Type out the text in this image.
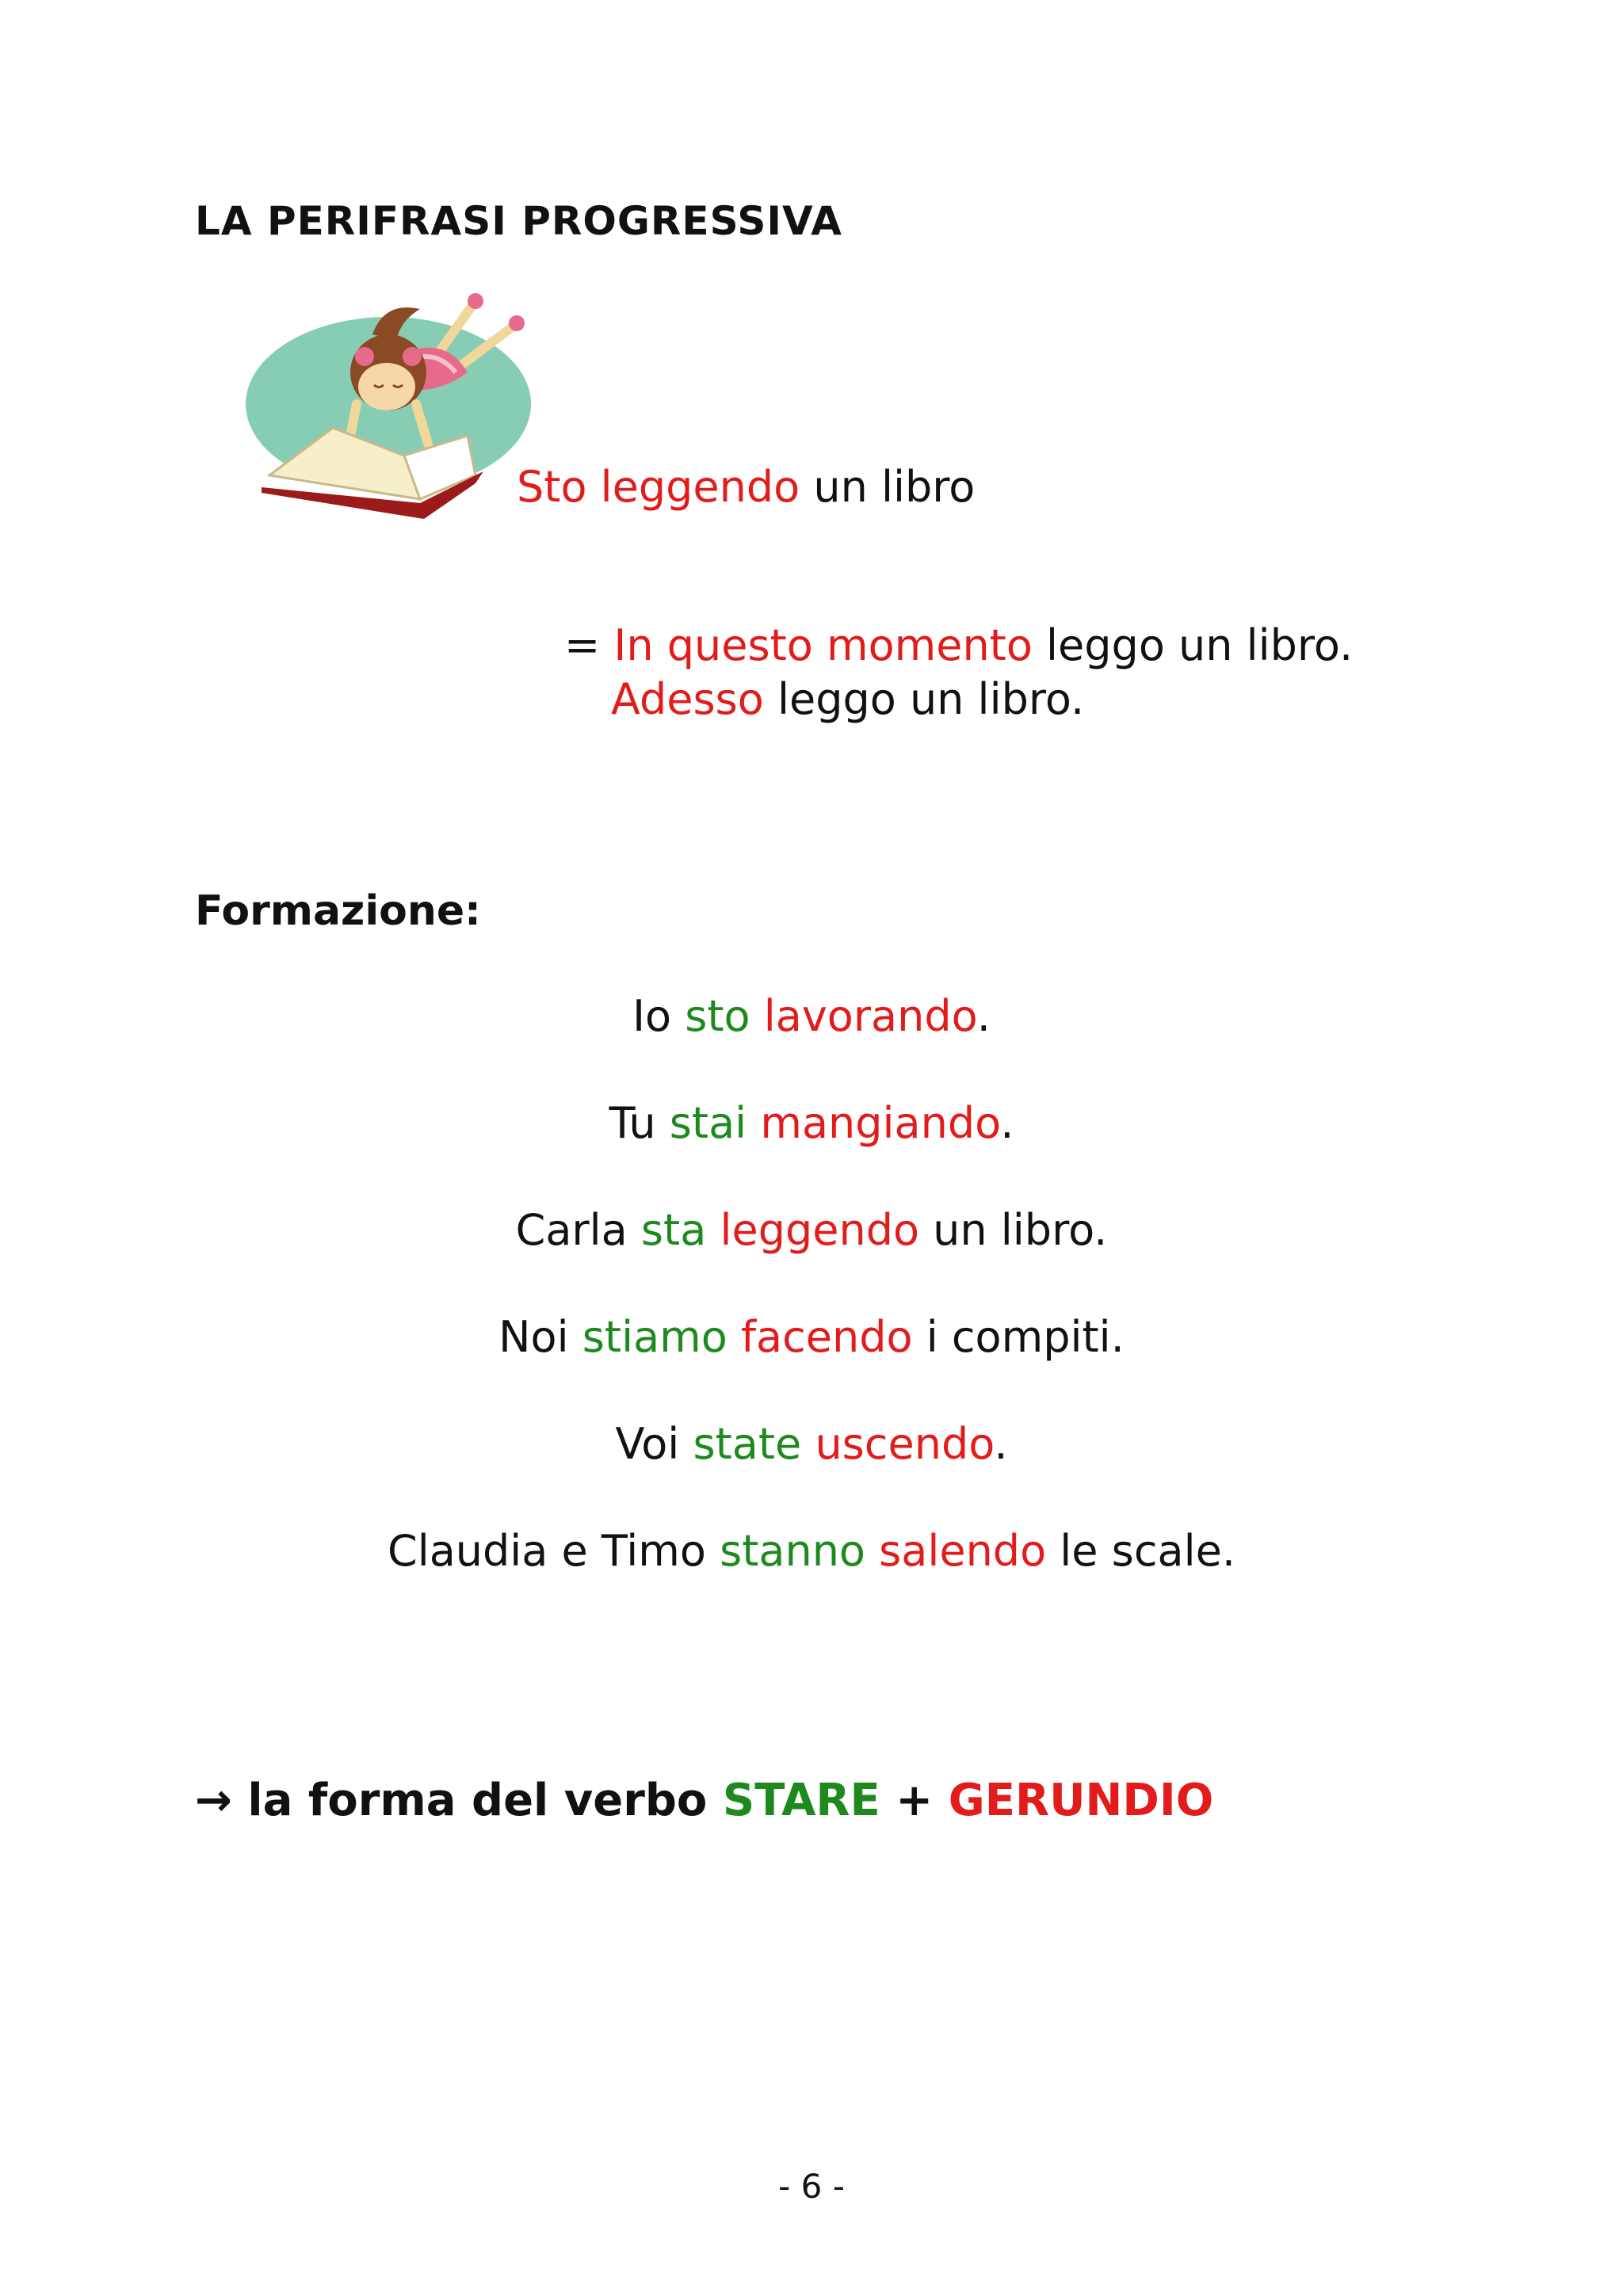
LA PERIFRASI PROGRESSIVA
Sto leggendo un libro
= In questo momento leggo un libro.
Adesso leggo un libro.
Formazione:
Io sto lavorando.
Tu stai mangiando.
Carla sta leggendo un libro.
Noi stiamo facendo i compiti.
Voi state uscendo.
Claudia e Timo stanno salendo le scale.
→ la forma del verbo STARE + GERUNDIO
- 6 -
